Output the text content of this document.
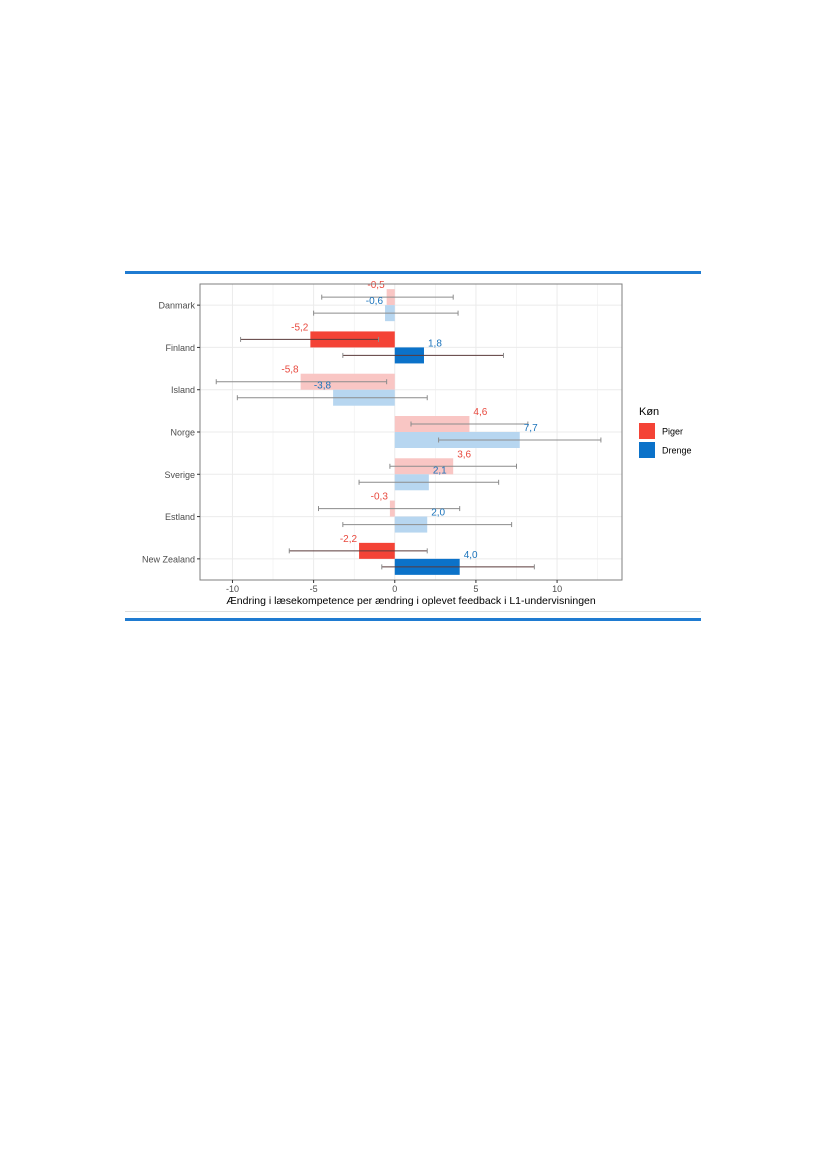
-0,5
-0,6
-5,2
1,8
-5,8
-3,8
4,6
7,7
3,6
2,1
-0,3
2,0
-2,2
4,0
Danmark
Finland
Island
Norge
Sverige
Estland
New Zealand
-10	-5	0	5	10
Ændring i læsekompetence per ændring i oplevet feedback i L1-undervisningen
Køn
Piger
Drenge
